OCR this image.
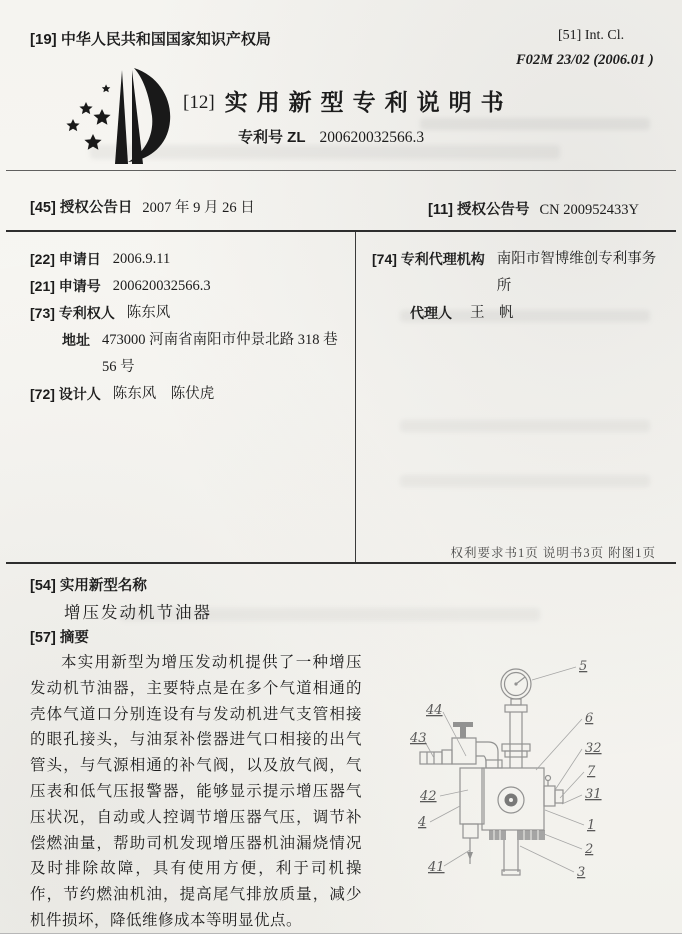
[19] 中华人民共和国国家知识产权局	[51] Int. Cl.
F02M 23/02 (2006.01 )
[12] 实用新型专利说明书
专利号 ZL 200620032566.3
[45] 授权公告日 2007 年 9 月 26 日	[11] 授权公告号 CN 200952433Y
[22] 申请日 2006.9.11
[21] 申请号 200620032566.3
[73] 专利权人 陈东风
地址 473000 河南省南阳市仲景北路 318 巷 56 号
[72] 设计人 陈东风　陈伏虎
[74] 专利代理机构 南阳市智博维创专利事务所
代理人 王　帆
权利要求书1页 说明书3页 附图1页
[54] 实用新型名称
增压发动机节油器
[57] 摘要
本实用新型为增压发动机提供了一种增压发动机节油器，主要特点是在多个气道相通的壳体气道口分别连设有与发动机进气支管相接的眼孔接头，与油泵补偿器进气口相接的出气管头，与气源相通的补气阀，以及放气阀，气压表和低气压报警器，能够显示提示增压器气压状况，自动或人控调节增压器气压，调节补偿燃油量，帮助司机发现增压器机油漏烧情况及时排除故障，具有使用方便，利于司机操作，节约燃油机油，提高尾气排放质量，减少机件损坏，降低维修成本等明显优点。
44
43
42
4
41
5
6
32
7
31
1
2
3
